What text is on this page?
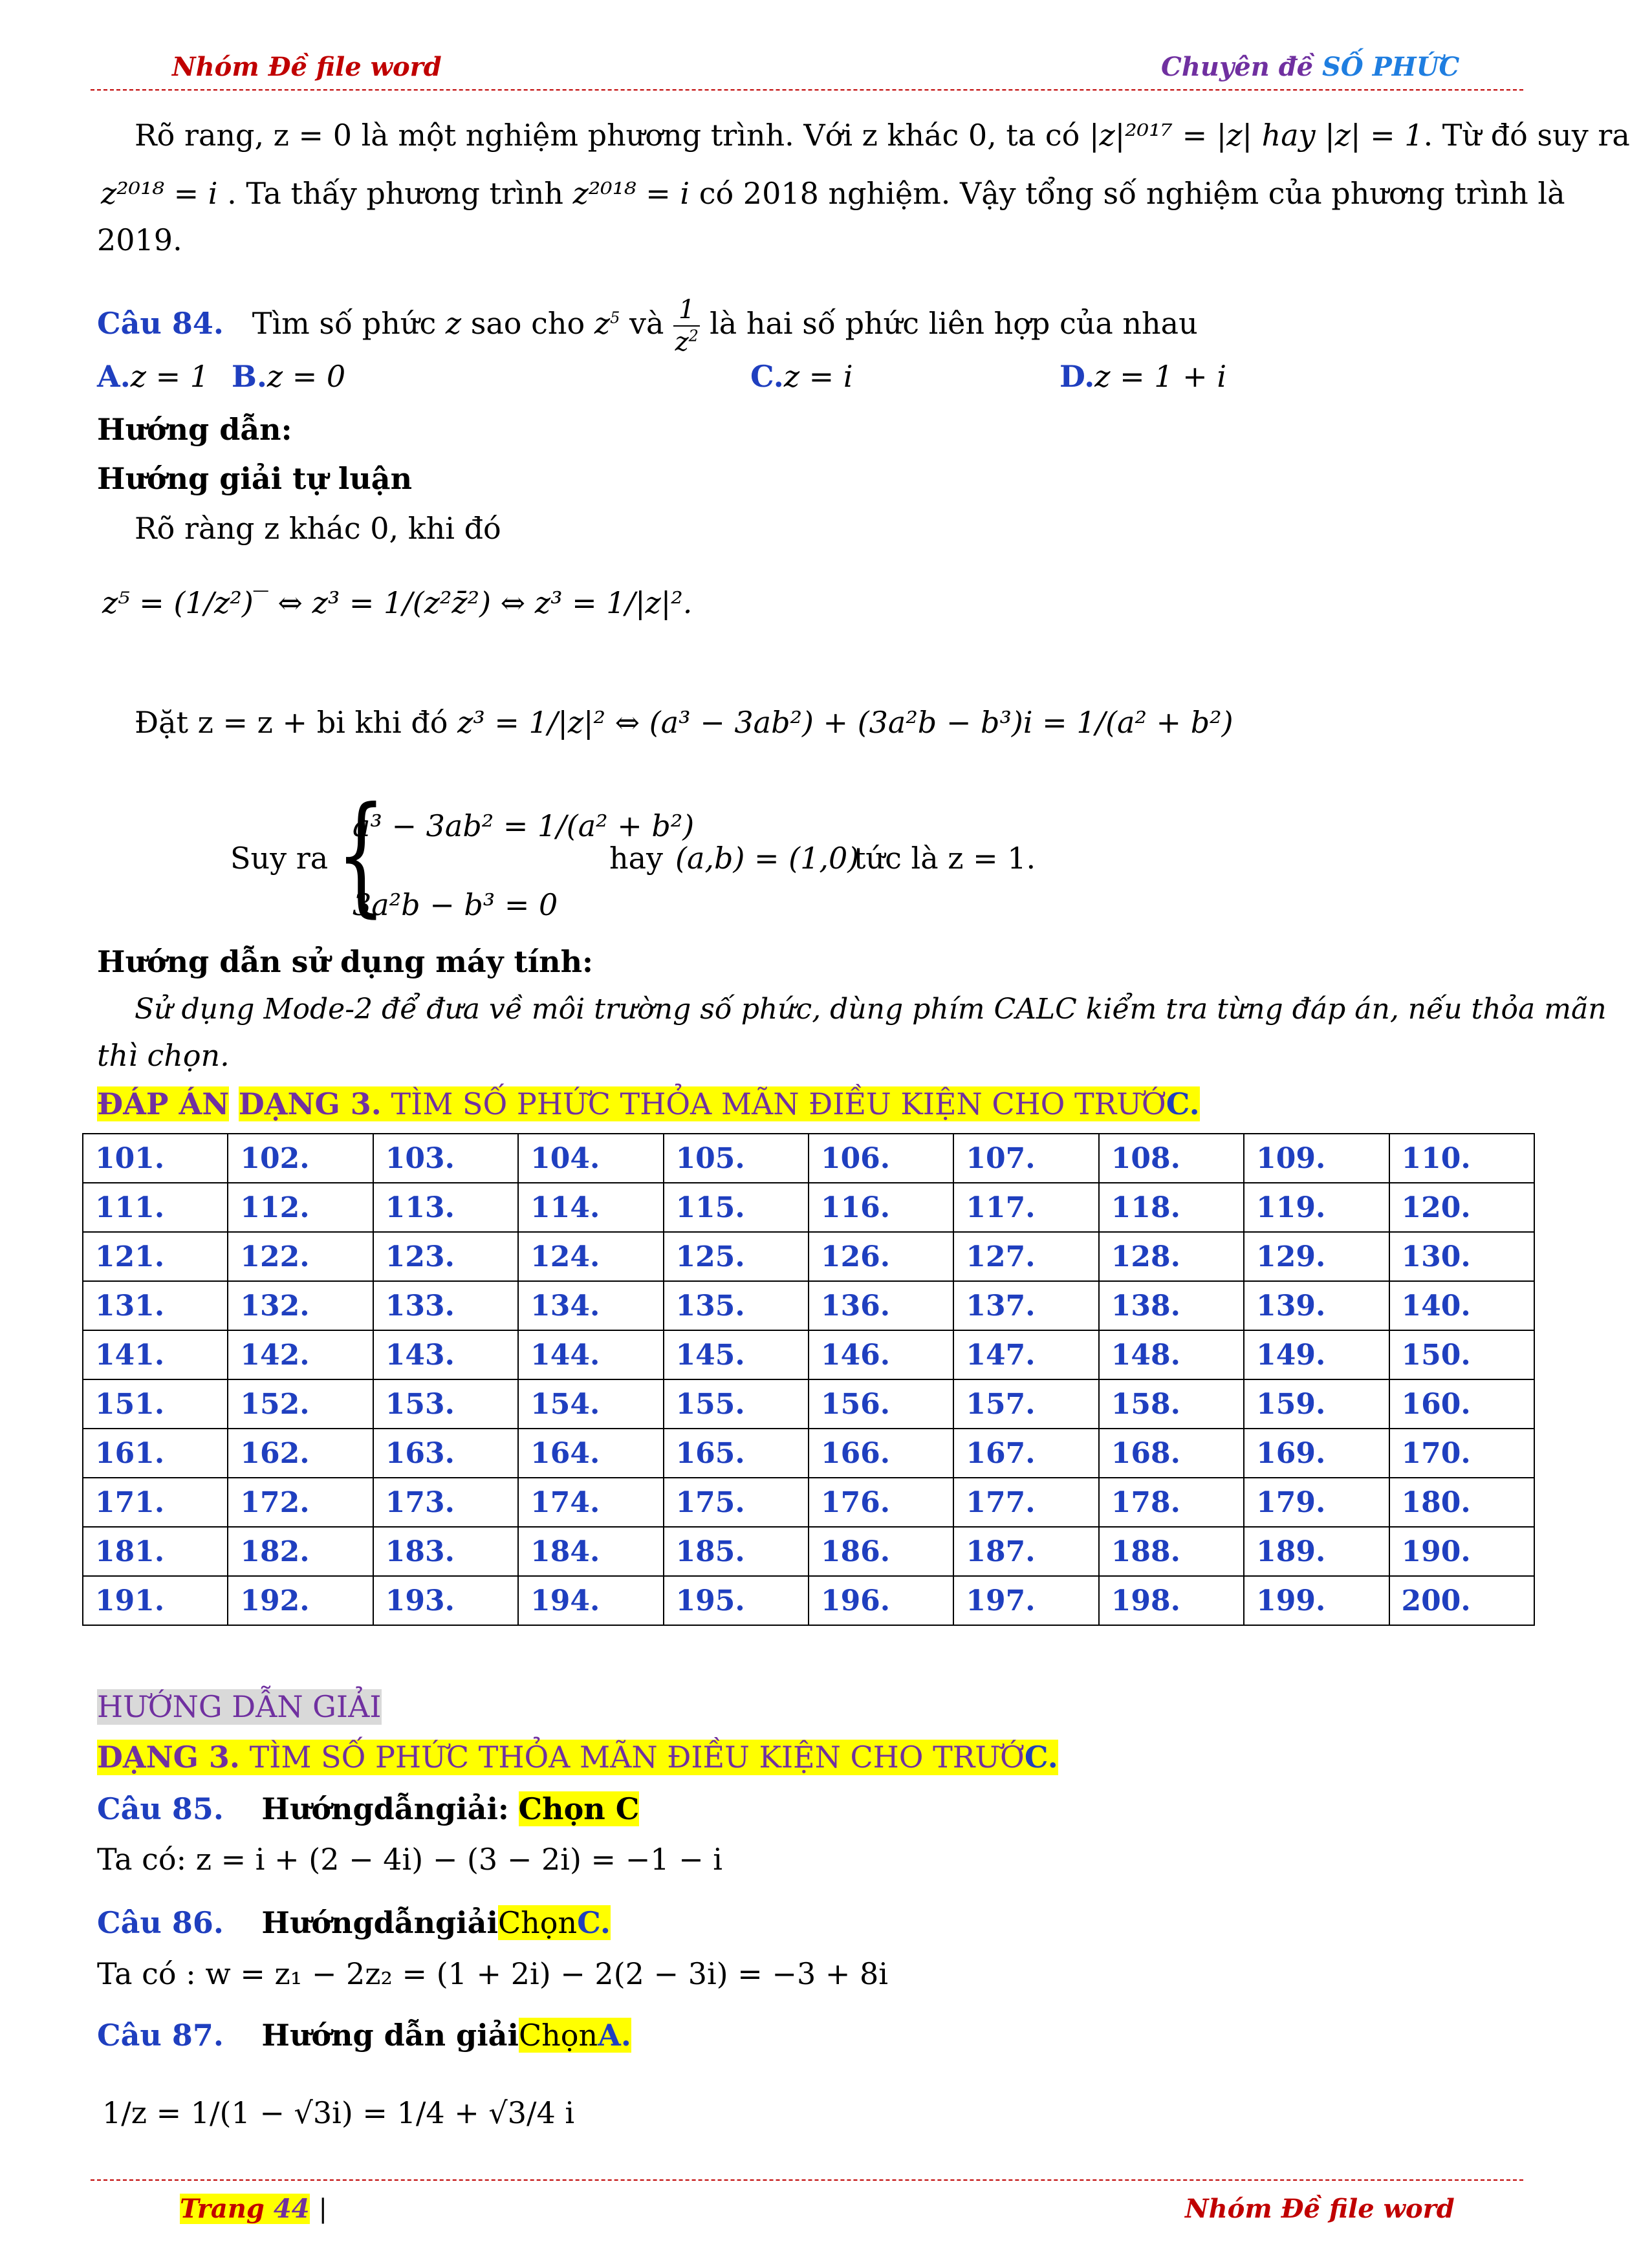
Nhóm Đề file word	Chuyên đề SỐ PHỨC
Rõ rang, z = 0 là một nghiệm phương trình. Với z khác 0, ta có |z|²⁰¹⁷ = |z| hay |z| = 1. Từ đó suy ra
z²⁰¹⁸ = i . Ta thấy phương trình z²⁰¹⁸ = i có 2018 nghiệm. Vậy tổng số nghiệm của phương trình là
2019.
Câu 84. Tìm số phức z sao cho $z^5$ và $\frac{1}{z^2}$ là hai số phức liên hợp của nhau
A.z = 1 B.z = 0	C.z = i	D.z = 1 + i
Hướng dẫn:
Hướng giải tự luận
Rõ ràng z khác 0, khi đó
z⁵ = (1/z²)‾ ⇔ z³ = 1/(z²z̄²) ⇔ z³ = 1/|z|².
Đặt z = z + bi khi đó z³ = 1/|z|² ⇔ (a³ − 3ab²) + (3a²b − b³)i = 1/(a² + b²)
Suy ra {
a³ − 3ab² = 1/(a² + b²)
3a²b − b³ = 0
hay (a,b) = (1,0)
tức là z = 1.
Hướng dẫn sử dụng máy tính:
Sử dụng Mode-2 để đưa về môi trường số phức, dùng phím CALC kiểm tra từng đáp án, nếu thỏa mãn
thì chọn.
ĐÁP ÁN DẠNG 3. TÌM SỐ PHỨC THỎA MÃN ĐIỀU KIỆN CHO TRƯỚC.
101.	102.	103.	104.	105.	106.	107.	108.	109.	110.
111.	112.	113.	114.	115.	116.	117.	118.	119.	120.
121.	122.	123.	124.	125.	126.	127.	128.	129.	130.
131.	132.	133.	134.	135.	136.	137.	138.	139.	140.
141.	142.	143.	144.	145.	146.	147.	148.	149.	150.
151.	152.	153.	154.	155.	156.	157.	158.	159.	160.
161.	162.	163.	164.	165.	166.	167.	168.	169.	170.
171.	172.	173.	174.	175.	176.	177.	178.	179.	180.
181.	182.	183.	184.	185.	186.	187.	188.	189.	190.
191.	192.	193.	194.	195.	196.	197.	198.	199.	200.
HƯỚNG DẪN GIẢI
DẠNG 3. TÌM SỐ PHỨC THỎA MÃN ĐIỀU KIỆN CHO TRƯỚC.
Câu 85. Hướngdẫngiải: Chọn C
Ta có: z = i + (2 − 4i) − (3 − 2i) = −1 − i
Câu 86. HướngdẫngiảiChọnC.
Ta có : w = z₁ − 2z₂ = (1 + 2i) − 2(2 − 3i) = −3 + 8i
Câu 87. Hướng dẫn giảiChọnA.
1/z = 1/(1 − √3i) = 1/4 + √3/4 i
Trang 44 |	Nhóm Đề file word
